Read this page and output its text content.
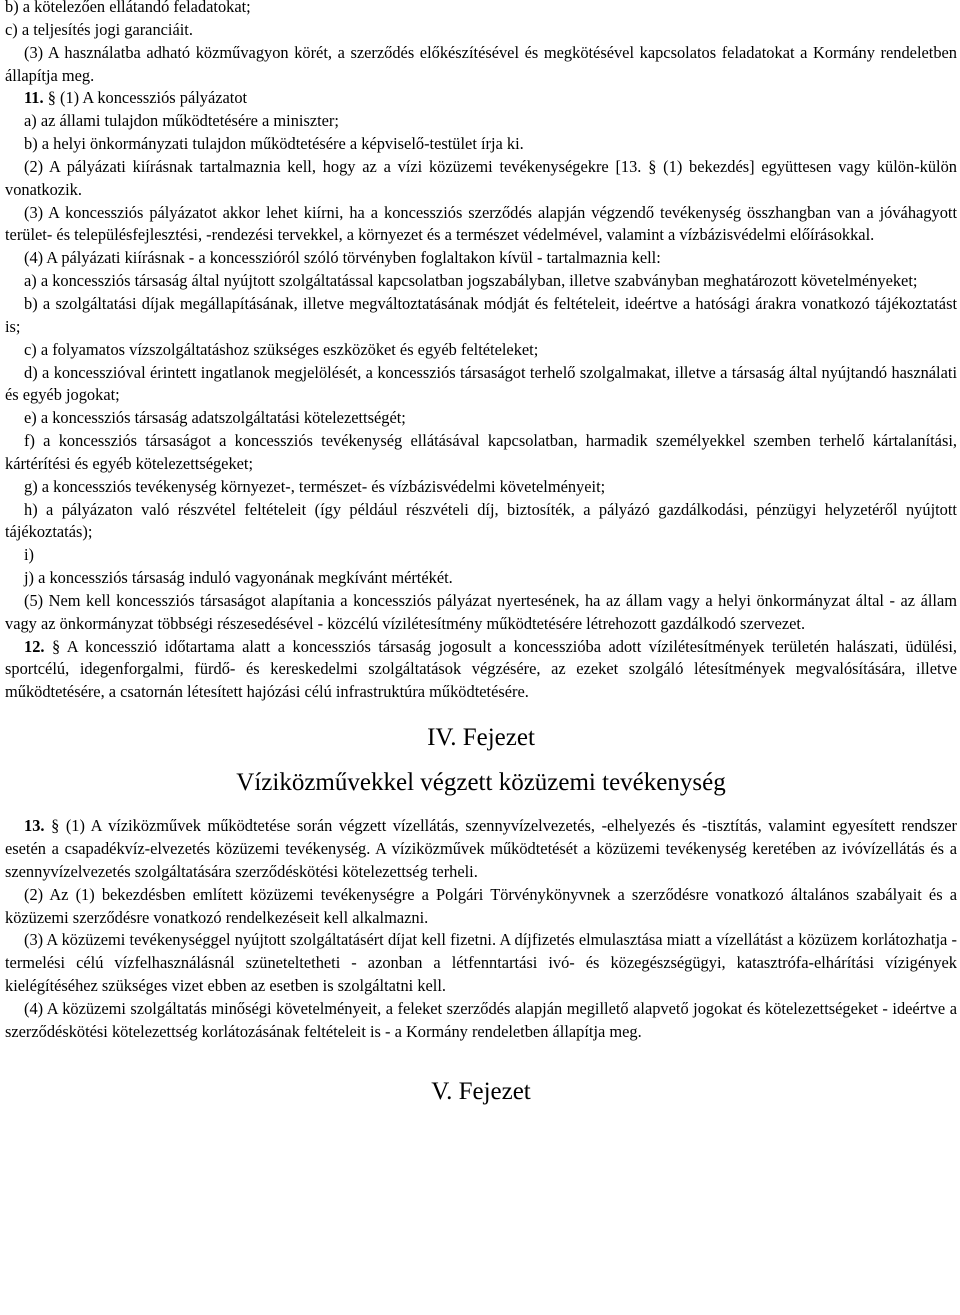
b) a kötelezően ellátandó feladatokat;

c) a teljesítés jogi garanciáit.

(3) A használatba adható közművagyon körét, a szerződés előkészítésével és megkötésével kapcsolatos feladatokat a Kormány rendeletben állapítja meg.

11. § (1) A koncessziós pályázatot

a) az állami tulajdon működtetésére a miniszter;

b) a helyi önkormányzati tulajdon működtetésére a képviselő-testület írja ki.

(2) A pályázati kiírásnak tartalmaznia kell, hogy az a vízi közüzemi tevékenységekre [13. § (1) bekezdés] együttesen vagy külön-külön vonatkozik.

(3) A koncessziós pályázatot akkor lehet kiírni, ha a koncessziós szerződés alapján végzendő tevékenység összhangban van a jóváhagyott terület- és településfejlesztési, -rendezési tervekkel, a környezet és a természet védelmével, valamint a vízbázisvédelmi előírásokkal.

(4) A pályázati kiírásnak - a koncesszióról szóló törvényben foglaltakon kívül - tartalmaznia kell:

a) a koncessziós társaság által nyújtott szolgáltatással kapcsolatban jogszabályban, illetve szabványban meghatározott követelményeket;

b) a szolgáltatási díjak megállapításának, illetve megváltoztatásának módját és feltételeit, ideértve a hatósági árakra vonatkozó tájékoztatást is;

c) a folyamatos vízszolgáltatáshoz szükséges eszközöket és egyéb feltételeket;

d) a koncesszióval érintett ingatlanok megjelölését, a koncessziós társaságot terhelő szolgalmakat, illetve a társaság által nyújtandó használati és egyéb jogokat;

e) a koncessziós társaság adatszolgáltatási kötelezettségét;

f) a koncessziós társaságot a koncessziós tevékenység ellátásával kapcsolatban, harmadik személyekkel szemben terhelő kártalanítási, kártérítési és egyéb kötelezettségeket;

g) a koncessziós tevékenység környezet-, természet- és vízbázisvédelmi követelményeit;

h) a pályázaton való részvétel feltételeit (így például részvételi díj, biztosíték, a pályázó gazdálkodási, pénzügyi helyzetéről nyújtott tájékoztatás);

i)

j) a koncessziós társaság induló vagyonának megkívánt mértékét.

(5) Nem kell koncessziós társaságot alapítania a koncessziós pályázat nyertesének, ha az állam vagy a helyi önkormányzat által - az állam vagy az önkormányzat többségi részesedésével - közcélú vízilétesítmény működtetésére létrehozott gazdálkodó szervezet.

12. § A koncesszió időtartama alatt a koncessziós társaság jogosult a koncesszióba adott vízilétesítmények területén halászati, üdülési, sportcélú, idegenforgalmi, fürdő- és kereskedelmi szolgáltatások végzésére, az ezeket szolgáló létesítmények megvalósítására, illetve működtetésére, a csatornán létesített hajózási célú infrastruktúra működtetésére.

IV. Fejezet

Víziközművekkel végzett közüzemi tevékenység

13. § (1) A víziközművek működtetése során végzett vízellátás, szennyvízelvezetés, -elhelyezés és -tisztítás, valamint egyesített rendszer esetén a csapadékvíz-elvezetés közüzemi tevékenység. A víziközművek működtetését a közüzemi tevékenység keretében az ivóvízellátás és a szennyvízelvezetés szolgáltatására szerződéskötési kötelezettség terheli.

(2) Az (1) bekezdésben említett közüzemi tevékenységre a Polgári Törvénykönyvnek a szerződésre vonatkozó általános szabályait és a közüzemi szerződésre vonatkozó rendelkezéseit kell alkalmazni.

(3) A közüzemi tevékenységgel nyújtott szolgáltatásért díjat kell fizetni. A díjfizetés elmulasztása miatt a vízellátást a közüzem korlátozhatja - termelési célú vízfelhasználásnál szüneteltetheti - azonban a létfenntartási ivó- és közegészségügyi, katasztrófa-elhárítási vízigények kielégítéséhez szükséges vizet ebben az esetben is szolgáltatni kell.

(4) A közüzemi szolgáltatás minőségi követelményeit, a feleket szerződés alapján megillető alapvető jogokat és kötelezettségeket - ideértve a szerződéskötési kötelezettség korlátozásának feltételeit is - a Kormány rendeletben állapítja meg.

V. Fejezet
